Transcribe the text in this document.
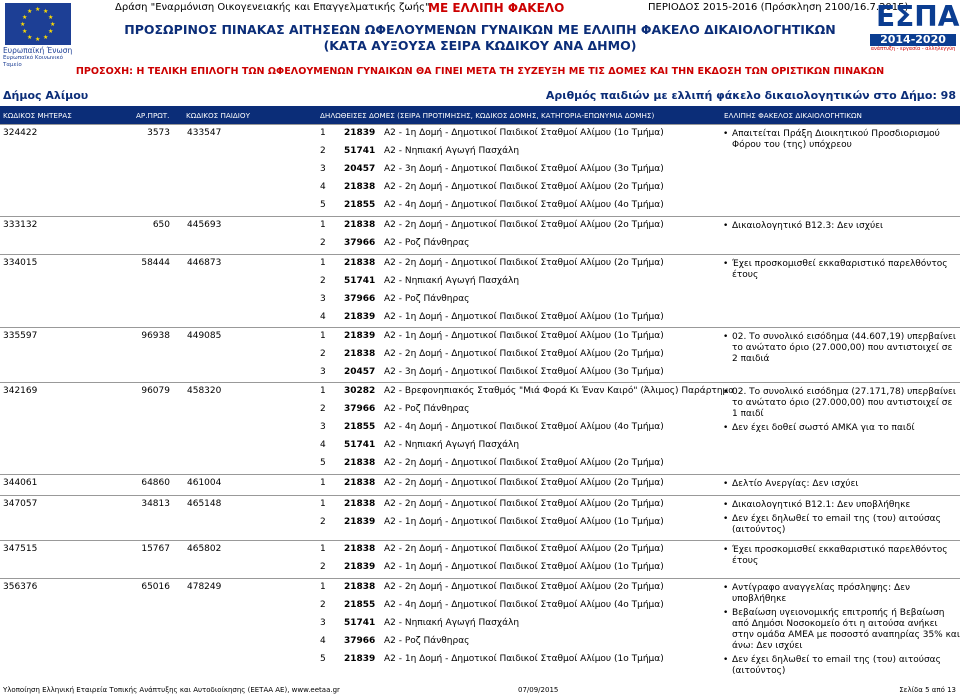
★ ★
★
★
★
★
★
★
★
★
★
★
Ευρωπαϊκή Ένωση
Ευρωπαϊκό Κοινωνικό Ταμείο
Δράση "Εναρμόνιση Οικογενειακής και Επαγγελματικής ζωής"
ΜΕ ΕΛΛΙΠΗ ΦΑΚΕΛΟ	ΠΕΡΙΟΔΟΣ 2015-2016 (Πρόσκληση 2100/16.7.2015)
ΕΣΠΑ
2014-2020
ανάπτυξη - εργασία - αλληλεγγύη
ΠΡΟΣΩΡΙΝΟΣ ΠΙΝΑΚΑΣ ΑΙΤΗΣΕΩΝ ΩΦΕΛΟΥΜΕΝΩΝ ΓΥΝΑΙΚΩΝ ΜΕ ΕΛΛΙΠΗ ΦΑΚΕΛΟ ΔΙΚΑΙΟΛΟΓΗΤΙΚΩΝ
(ΚΑΤΑ ΑΥΞΟΥΣΑ ΣΕΙΡΑ ΚΩΔΙΚΟΥ ΑΝΑ ΔΗΜΟ)
ΠΡΟΣΟΧΗ: Η ΤΕΛΙΚΗ ΕΠΙΛΟΓΗ ΤΩΝ ΩΦΕΛΟΥΜΕΝΩΝ ΓΥΝΑΙΚΩΝ ΘΑ ΓΙΝΕΙ ΜΕΤΑ ΤΗ ΣΥΖΕΥΞΗ ΜΕ ΤΙΣ ΔΟΜΕΣ ΚΑΙ ΤΗΝ ΕΚΔΟΣΗ ΤΩΝ ΟΡΙΣΤΙΚΩΝ ΠΙΝΑΚΩΝ
Δήμος Αλίμου	Αριθμός παιδιών με ελλιπή φάκελο δικαιολογητικών στο Δήμο: 98
ΚΩΔΙΚΟΣ ΜΗΤΕΡΑΣ	ΑΡ.ΠΡΩΤ. ΚΩΔΙΚΟΣ ΠΑΙΔΙΟΥ	ΔΗΛΩΘΕΙΣΕΣ ΔΟΜΕΣ (ΣΕΙΡΑ ΠΡΟΤΙΜΗΣΗΣ, ΚΩΔΙΚΟΣ ΔΟΜΗΣ, ΚΑΤΗΓΟΡΙΑ-ΕΠΩΝΥΜΙΑ ΔΟΜΗΣ)	ΕΛΛΙΠΗΣ ΦΑΚΕΛΟΣ ΔΙΚΑΙΟΛΟΓΗΤΙΚΩΝ
324422	3573 433547	1 21839 Α2 - 1η Δομή - Δημοτικοί Παιδικοί Σταθμοί Αλίμου (1ο Τμήμα)
2 51741 Α2 - Νηπιακή Αγωγή Πασχάλη
3 20457 Α2 - 3η Δομή - Δημοτικοί Παιδικοί Σταθμοί Αλίμου (3ο Τμήμα)
4 21838 Α2 - 2η Δομή - Δημοτικοί Παιδικοί Σταθμοί Αλίμου (2ο Τμήμα)
5 21855 Α2 - 4η Δομή - Δημοτικοί Παιδικοί Σταθμοί Αλίμου (4ο Τμήμα)
• Απαιτείται Πράξη Διοικητικού Προσδιορισμού Φόρου του (της) υπόχρεου
333132	650 445693	1 21838 Α2 - 2η Δομή - Δημοτικοί Παιδικοί Σταθμοί Αλίμου (2ο Τμήμα)
2 37966 Α2 - Ροζ Πάνθηρας
• Δικαιολογητικό Β12.3: Δεν ισχύει
334015	58444 446873	1 21838 Α2 - 2η Δομή - Δημοτικοί Παιδικοί Σταθμοί Αλίμου (2ο Τμήμα)
2 51741 Α2 - Νηπιακή Αγωγή Πασχάλη
3 37966 Α2 - Ροζ Πάνθηρας
4 21839 Α2 - 1η Δομή - Δημοτικοί Παιδικοί Σταθμοί Αλίμου (1ο Τμήμα)
• Έχει προσκομισθεί εκκαθαριστικό παρελθόντος έτους
335597	96938 449085	1 21839 Α2 - 1η Δομή - Δημοτικοί Παιδικοί Σταθμοί Αλίμου (1ο Τμήμα)
2 21838 Α2 - 2η Δομή - Δημοτικοί Παιδικοί Σταθμοί Αλίμου (2ο Τμήμα)
3 20457 Α2 - 3η Δομή - Δημοτικοί Παιδικοί Σταθμοί Αλίμου (3ο Τμήμα)
• 02. Το συνολικό εισόδημα (44.607,19) υπερβαίνει το ανώτατο όριο (27.000,00) που αντιστοιχεί σε 2 παιδιά
342169	96079 458320	1 30282 Α2 - Βρεφονηπιακός Σταθμός "Μιά Φορά Κι Έναν Καιρό" (Άλιμος) Παράρτημα
2 37966 Α2 - Ροζ Πάνθηρας
3 21855 Α2 - 4η Δομή - Δημοτικοί Παιδικοί Σταθμοί Αλίμου (4ο Τμήμα)
4 51741 Α2 - Νηπιακή Αγωγή Πασχάλη
5 21838 Α2 - 2η Δομή - Δημοτικοί Παιδικοί Σταθμοί Αλίμου (2ο Τμήμα)
• 02. Το συνολικό εισόδημα (27.171,78) υπερβαίνει το ανώτατο όριο (27.000,00) που αντιστοιχεί σε 1 παιδί
• Δεν έχει δοθεί σωστό ΑΜΚΑ για το παιδί
344061	64860 461004	1 21838 Α2 - 2η Δομή - Δημοτικοί Παιδικοί Σταθμοί Αλίμου (2ο Τμήμα)
•	Δελτίο Ανεργίας: Δεν ισχύει
347057	34813 465148	1 21838 Α2 - 2η Δομή - Δημοτικοί Παιδικοί Σταθμοί Αλίμου (2ο Τμήμα)
2 21839 Α2 - 1η Δομή - Δημοτικοί Παιδικοί Σταθμοί Αλίμου (1ο Τμήμα)
• Δικαιολογητικό Β12.1: Δεν υποβλήθηκε
• Δεν έχει δηλωθεί το email της (του) αιτούσας (αιτούντος)
347515	15767 465802	1 21838 Α2 - 2η Δομή - Δημοτικοί Παιδικοί Σταθμοί Αλίμου (2ο Τμήμα)
2 21839 Α2 - 1η Δομή - Δημοτικοί Παιδικοί Σταθμοί Αλίμου (1ο Τμήμα)
• Έχει προσκομισθεί εκκαθαριστικό παρελθόντος έτους
356376	65016 478249	1 21838 Α2 - 2η Δομή - Δημοτικοί Παιδικοί Σταθμοί Αλίμου (2ο Τμήμα)
2 21855 Α2 - 4η Δομή - Δημοτικοί Παιδικοί Σταθμοί Αλίμου (4ο Τμήμα)
3 51741 Α2 - Νηπιακή Αγωγή Πασχάλη
4 37966 Α2 - Ροζ Πάνθηρας
5 21839 Α2 - 1η Δομή - Δημοτικοί Παιδικοί Σταθμοί Αλίμου (1ο Τμήμα)
• Αντίγραφο αναγγελίας πρόσληψης: Δεν υποβλήθηκε
• Βεβαίωση υγειονομικής επιτροπής ή Βεβαίωση από Δημόσι Νοσοκομείο ότι η αιτούσα ανήκει στην ομάδα ΑΜΕΑ με ποσοστό αναπηρίας 35% και άνω: Δεν ισχύει
• Δεν έχει δηλωθεί το email της (του) αιτούσας (αιτούντος)
Υλοποίηση Ελληνική Εταιρεία Τοπικής Ανάπτυξης και Αυτοδιοίκησης (ΕΕΤΑΑ ΑΕ), www.eetaa.gr	07/09/2015	Σελίδα 5 από 13
